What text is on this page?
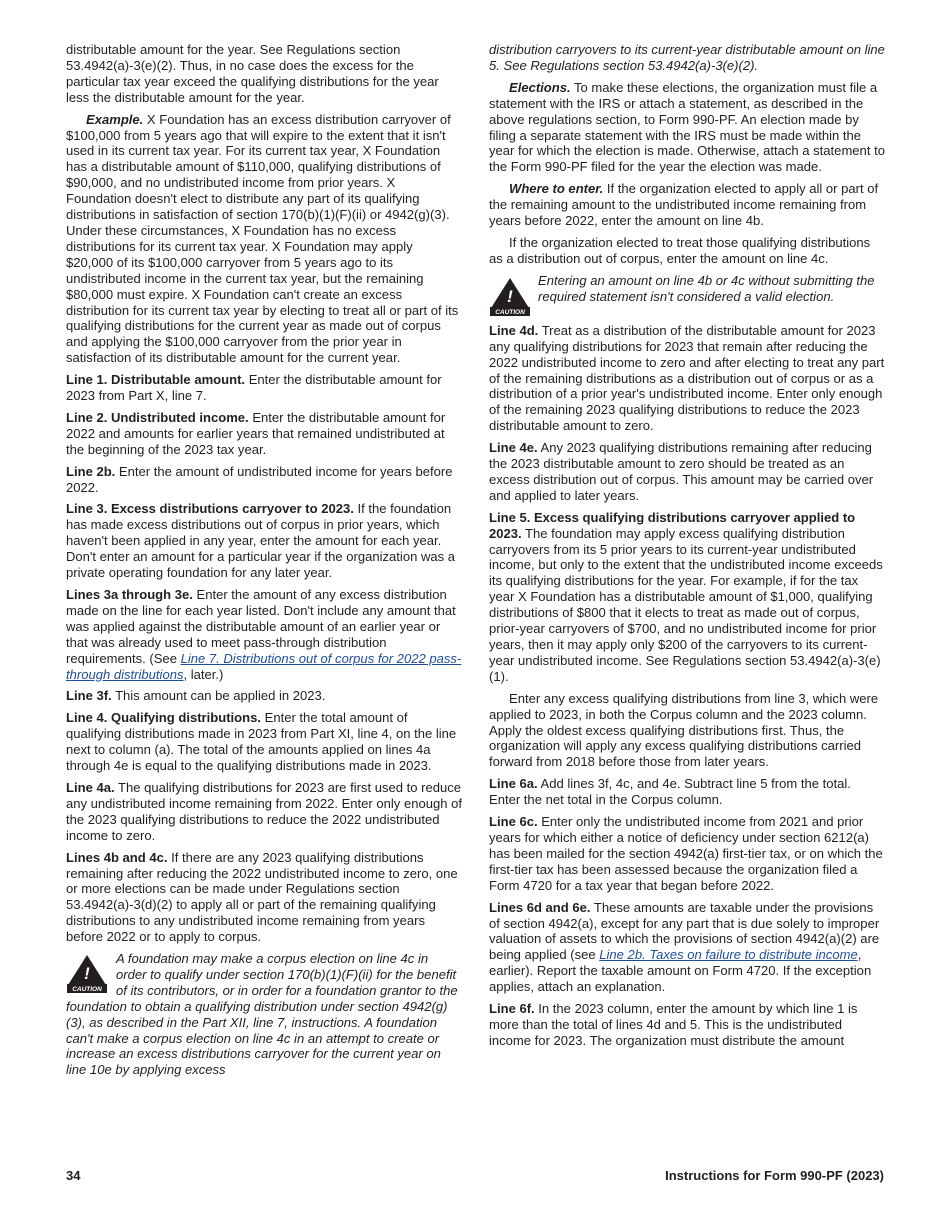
distributable amount for the year. See Regulations section 53.4942(a)-3(e)(2). Thus, in no case does the excess for the particular tax year exceed the qualifying distributions for the year less the distributable amount for the year.

Example. X Foundation has an excess distribution carryover of $100,000 from 5 years ago that will expire to the extent that it isn't used in its current tax year. For its current tax year, X Foundation has a distributable amount of $110,000, qualifying distributions of $90,000, and no undistributed income from prior years. X Foundation doesn't elect to distribute any part of its qualifying distributions in satisfaction of section 170(b)(1)(F)(ii) or 4942(g)(3). Under these circumstances, X Foundation has no excess distributions for its current tax year. X Foundation may apply $20,000 of its $100,000 carryover from 5 years ago to its undistributed income in the current tax year, but the remaining $80,000 must expire. X Foundation can't create an excess distribution for its current tax year by electing to treat all or part of its qualifying distributions for the current year as made out of corpus and applying the $100,000 carryover from the prior year in satisfaction of its distributable amount for the current year.

Line 1. Distributable amount. Enter the distributable amount for 2023 from Part X, line 7.

Line 2. Undistributed income. Enter the distributable amount for 2022 and amounts for earlier years that remained undistributed at the beginning of the 2023 tax year.

Line 2b. Enter the amount of undistributed income for years before 2022.

Line 3. Excess distributions carryover to 2023. If the foundation has made excess distributions out of corpus in prior years, which haven't been applied in any year, enter the amount for each year. Don't enter an amount for a particular year if the organization was a private operating foundation for any later year.

Lines 3a through 3e. Enter the amount of any excess distribution made on the line for each year listed. Don't include any amount that was applied against the distributable amount of an earlier year or that was already used to meet pass-through distribution requirements. (See Line 7. Distributions out of corpus for 2022 pass-through distributions, later.)

Line 3f. This amount can be applied in 2023.

Line 4. Qualifying distributions. Enter the total amount of qualifying distributions made in 2023 from Part XI, line 4, on the line next to column (a). The total of the amounts applied on lines 4a through 4e is equal to the qualifying distributions made in 2023.

Line 4a. The qualifying distributions for 2023 are first used to reduce any undistributed income remaining from 2022. Enter only enough of the 2023 qualifying distributions to reduce the 2022 undistributed income to zero.

Lines 4b and 4c. If there are any 2023 qualifying distributions remaining after reducing the 2022 undistributed income to zero, one or more elections can be made under Regulations section 53.4942(a)-3(d)(2) to apply all or part of the remaining qualifying distributions to any undistributed income remaining from years before 2022 or to apply to corpus.

!
CAUTION
A foundation may make a corpus election on line 4c in order to qualify under section 170(b)(1)(F)(ii) for the benefit of its contributors, or in order for a foundation grantor to the foundation to obtain a qualifying distribution under section 4942(g)(3), as described in the Part XII, line 7, instructions. A foundation can't make a corpus election on line 4c in an attempt to create or increase an excess distributions carryover for the current year on line 10e by applying excess

distribution carryovers to its current-year distributable amount on line 5. See Regulations section 53.4942(a)-3(e)(2).

Elections. To make these elections, the organization must file a statement with the IRS or attach a statement, as described in the above regulations section, to Form 990-PF. An election made by filing a separate statement with the IRS must be made within the year for which the election is made. Otherwise, attach a statement to the Form 990-PF filed for the year the election was made.

Where to enter. If the organization elected to apply all or part of the remaining amount to the undistributed income remaining from years before 2022, enter the amount on line 4b.

If the organization elected to treat those qualifying distributions as a distribution out of corpus, enter the amount on line 4c.

!
CAUTION
Entering an amount on line 4b or 4c without submitting the required statement isn't considered a valid election.

Line 4d. Treat as a distribution of the distributable amount for 2023 any qualifying distributions for 2023 that remain after reducing the 2022 undistributed income to zero and after electing to treat any part of the remaining distributions as a distribution out of corpus or as a distribution of a prior year's undistributed income. Enter only enough of the remaining 2023 qualifying distributions to reduce the 2023 distributable amount to zero.

Line 4e. Any 2023 qualifying distributions remaining after reducing the 2023 distributable amount to zero should be treated as an excess distribution out of corpus. This amount may be carried over and applied to later years.

Line 5. Excess qualifying distributions carryover applied to 2023. The foundation may apply excess qualifying distribution carryovers from its 5 prior years to its current-year undistributed income, but only to the extent that the undistributed income exceeds its qualifying distributions for the year. For example, if for the tax year X Foundation has a distributable amount of $1,000, qualifying distributions of $800 that it elects to treat as made out of corpus, prior-year carryovers of $700, and no undistributed income for prior years, then it may apply only $200 of the carryovers to its current-year undistributed income. See Regulations section 53.4942(a)-3(e)(1).

Enter any excess qualifying distributions from line 3, which were applied to 2023, in both the Corpus column and the 2023 column. Apply the oldest excess qualifying distributions first. Thus, the organization will apply any excess qualifying distributions carried forward from 2018 before those from later years.

Line 6a. Add lines 3f, 4c, and 4e. Subtract line 5 from the total. Enter the net total in the Corpus column.

Line 6c. Enter only the undistributed income from 2021 and prior years for which either a notice of deficiency under section 6212(a) has been mailed for the section 4942(a) first-tier tax, or on which the first-tier tax has been assessed because the organization filed a Form 4720 for a tax year that began before 2022.

Lines 6d and 6e. These amounts are taxable under the provisions of section 4942(a), except for any part that is due solely to improper valuation of assets to which the provisions of section 4942(a)(2) are being applied (see Line 2b. Taxes on failure to distribute income, earlier). Report the taxable amount on Form 4720. If the exception applies, attach an explanation.

Line 6f. In the 2023 column, enter the amount by which line 1 is more than the total of lines 4d and 5. This is the undistributed income for 2023. The organization must distribute the amount

34	Instructions for Form 990-PF (2023)
